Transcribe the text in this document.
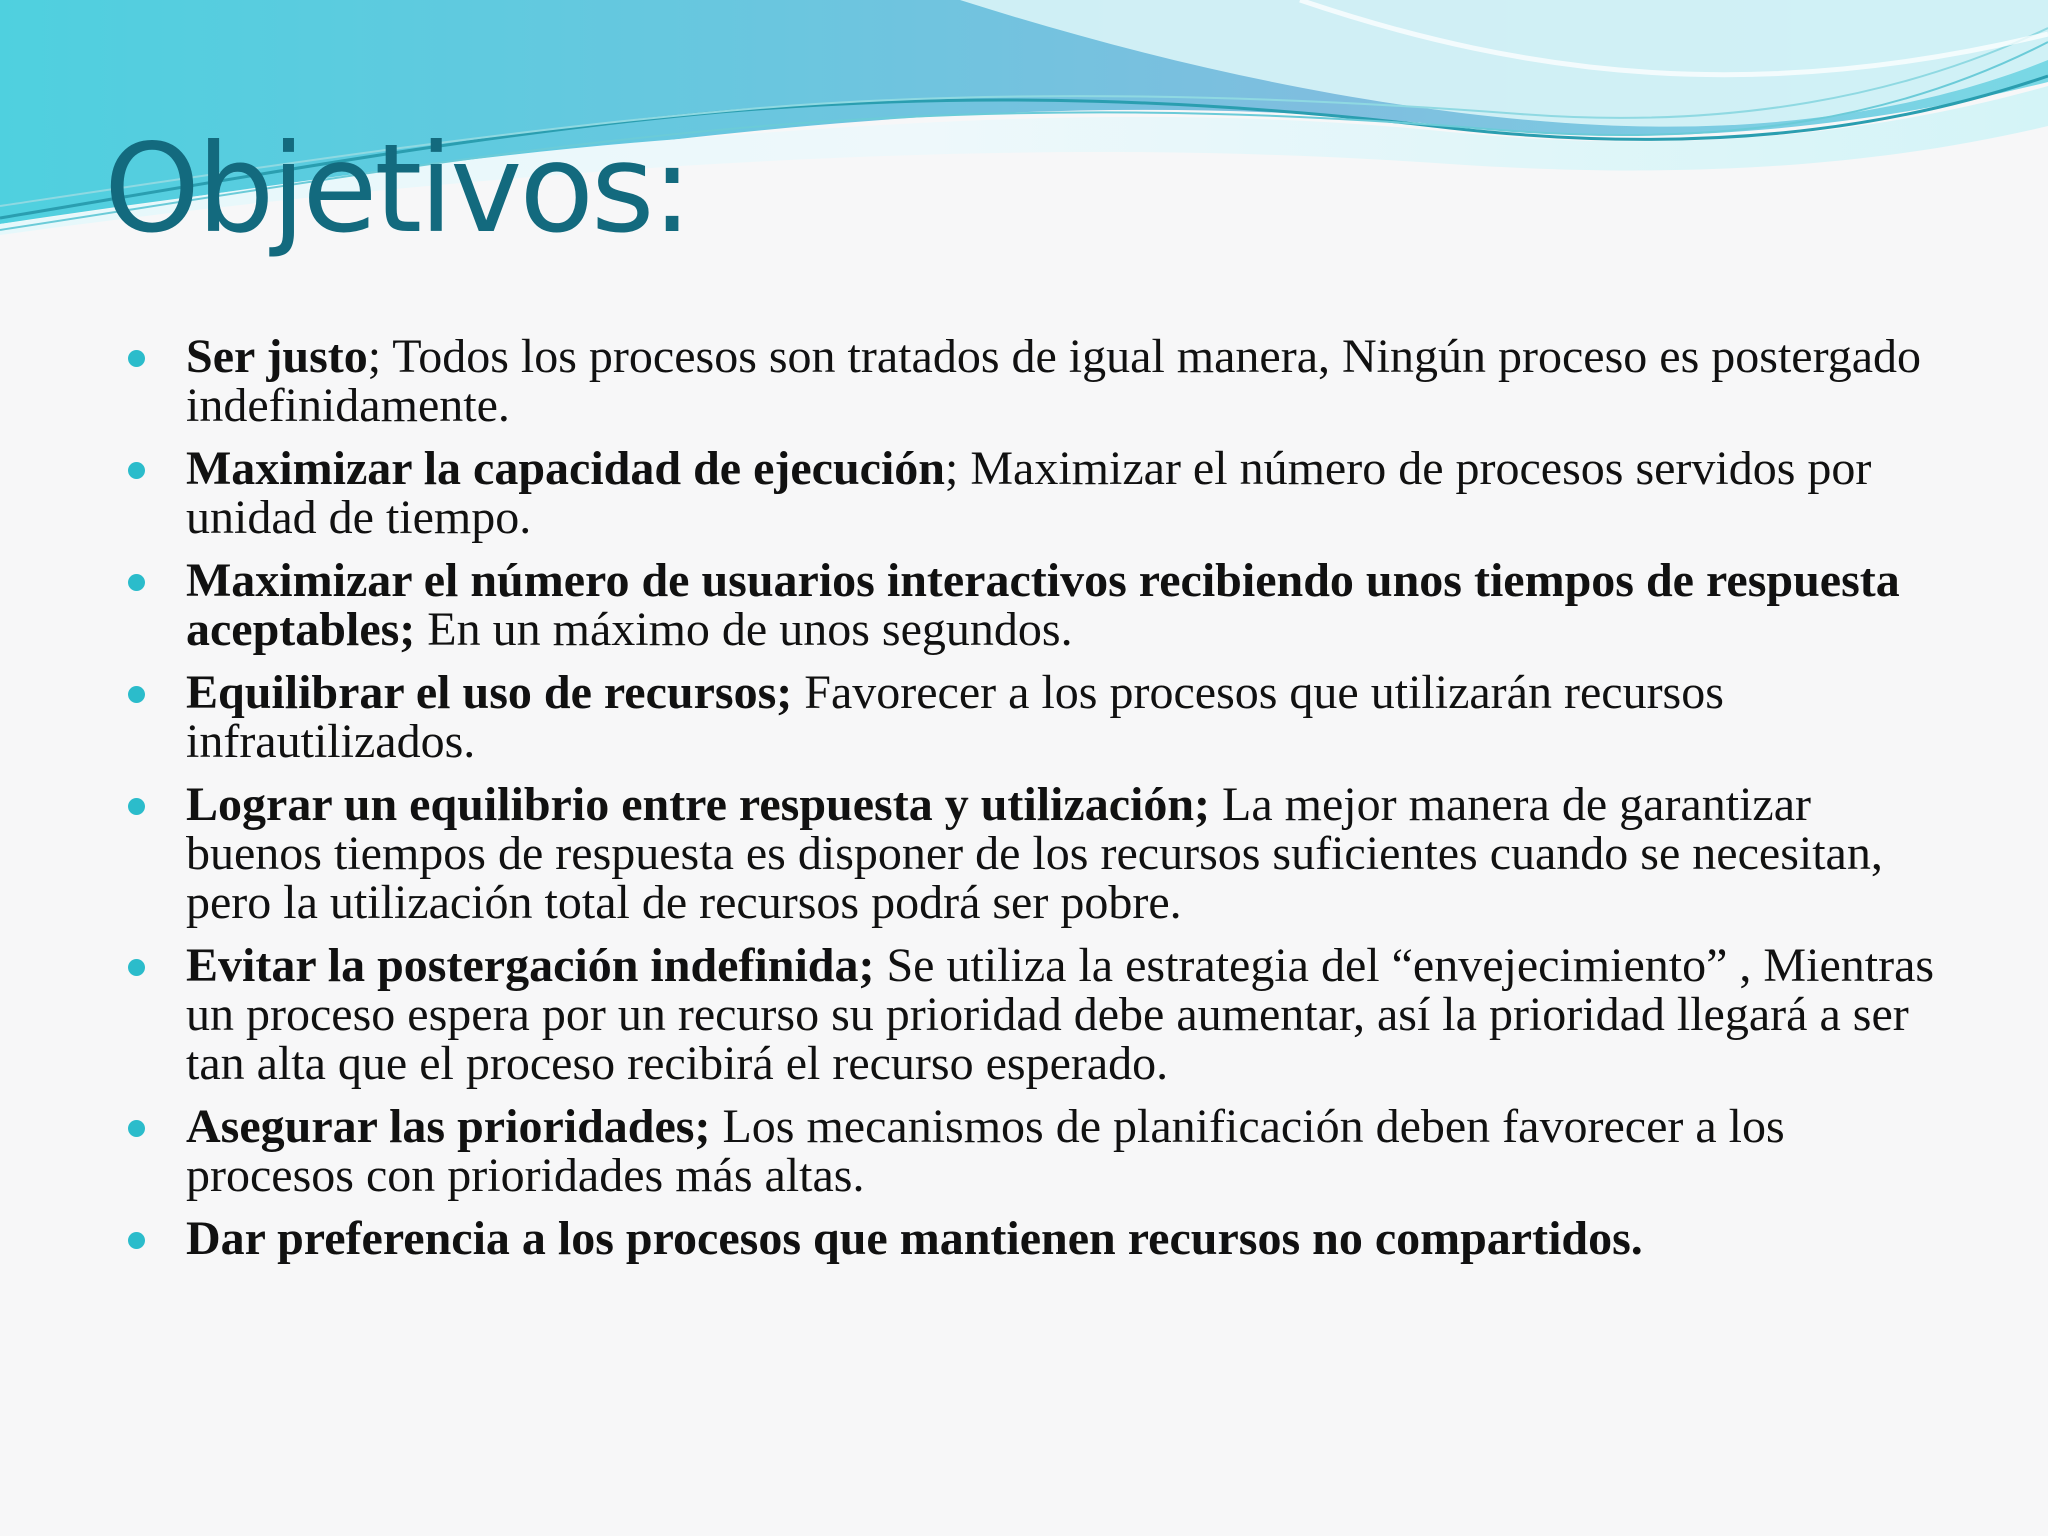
Objetivos:
Ser justo; Todos los procesos son tratados de igual manera, Ningún proceso es postergado indefinidamente.
Maximizar la capacidad de ejecución; Maximizar el número de procesos servidos por unidad de tiempo.
Maximizar el número de usuarios interactivos recibiendo unos tiempos de respuesta aceptables; En un máximo de unos segundos.
Equilibrar el uso de recursos; Favorecer a los procesos que utilizarán recursos infrautilizados.
Lograr un equilibrio entre respuesta y utilización; La mejor manera de garantizar buenos tiempos de respuesta es disponer de los recursos suficientes cuando se necesitan, pero la utilización total de recursos podrá ser pobre.
Evitar la postergación indefinida; Se utiliza la estrategia del “envejecimiento” , Mientras un proceso espera por un recurso su prioridad debe aumentar, así la prioridad llegará a ser tan alta que el proceso recibirá el recurso esperado.
Asegurar las prioridades; Los mecanismos de planificación deben favorecer a los procesos con prioridades más altas.
Dar preferencia a los procesos que mantienen recursos no compartidos.
